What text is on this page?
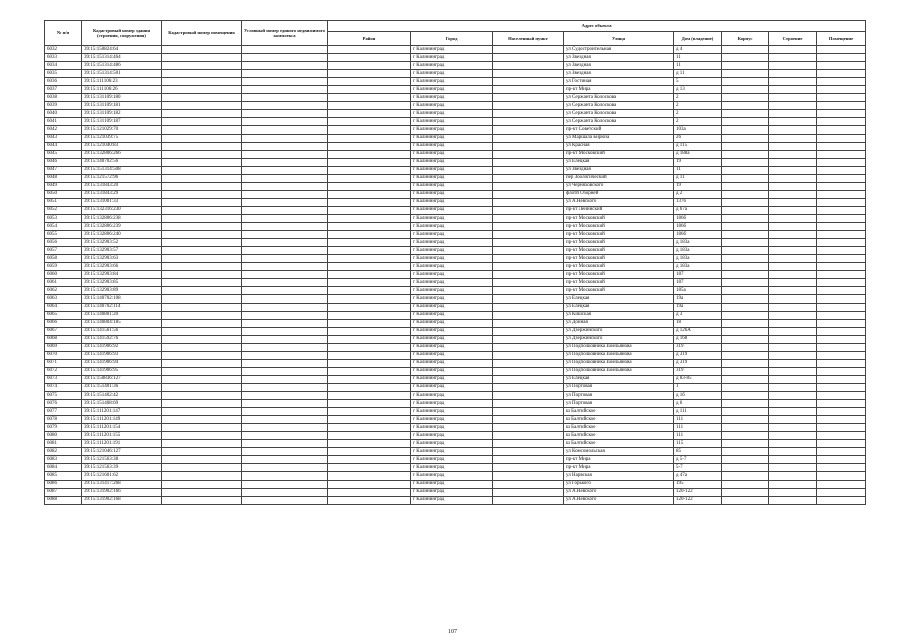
№ п/п	Кадастровый номер здания (строения, сооружения)	Кадастровый номер помещения	Условный номер единого недвижимого комплекса	Адрес объекта							
				Район	Город	Населенный пункт	Улица	Дом (владение)	Корпус	Строение	Помещение
6032	39:15:150824:64				г Калининград		ул Судостроительная	д 4			
6033	39:15:151314:464				г Калининград		ул Звездная	11			
6034	39:15:151314:486				г Калининград		ул Звездная	11			
6035	39:15:151314:501				г Калининград		ул Звездная	д 11			
6036	39:15:111106:23				г Калининград		ул Гостиная	5			
6037	39:15:111106:26				г Калининград		пр-кт Мира	д 13			
6038	39:15:131109:180				г Калининград		ул Сержанта Колоскова	2			
6039	39:15:131109:181				г Калининград		ул Сержанта Колоскова	2			
6040	39:15:131109:182				г Калининград		ул Сержанта Колоскова	2			
6041	39:15:131109:187				г Калининград		ул Сержанта Колоскова	2			
6042	39:15:121029:70				г Калининград		пр-кт Советский	103а			
6043	39:15:121039:75				г Калининград		ул Маршала Бирюза	26			
6044	39:15:121040:83				г Калининград		ул Красная	д 115			
6045	39:15:132806:266				г Калининград		пр-кт Московский	д 188а			
6046	39:15:140702:56				г Калининград		ул Елецкая	19			
6047	39:15:151314:508				г Калининград		ул Звездная	11			
6048	39:15:121572:96				г Калининград		пер Зоологический	д 11			
6049	39:15:131843:20				г Калининград		ул Черняховского	19			
6050	39:15:131843:29				г Калининград		флотй Озорнёй	д 2			
6051	39:15:131001:33				г Калининград		ул А.Невского	137б			
6052	39:15:132316:230				г Калининград		пр-кт Ленинский	д 67а			
6053	39:15:132806:238				г Калининград		пр-кт Московский	186б			
6054	39:15:132806:239				г Калининград		пр-кт Московский	186б			
6055	39:15:132806:240				г Калининград		пр-кт Московский	186б			
6056	39:15:132903:52				г Калининград		пр-кт Московский	д 183а			
6057	39:15:132903:57				г Калининград		пр-кт Московский	д 183а			
6058	39:15:132903:63				г Калининград		пр-кт Московский	д 183а			
6059	39:15:132903:66				г Калининград		пр-кт Московский	д 183а			
6060	39:15:132903:84				г Калининград		пр-кт Московский	187			
6061	39:15:132903:85				г Калининград		пр-кт Московский	187			
6062	39:15:132903:89				г Калининград		пр-кт Московский	185а			
6063	39:15:140702:108				г Калининград		ул Елецкая	19а			
6064	39:15:140702:114				г Калининград		ул Елецкая	19а			
6065	39:15:140801:20				г Калининград		ул Кишская	д 3			
6066	39:15:140804:185				г Калининград		ул Донная	18			
6067	39:15:141561:56				г Калининград		ул Дзержинского	д 126А			
6068	39:15:141592:76				г Калининград		ул Дзержинского	д 168			
6069	39:15:141906:92				г Калининград		ул Подполковника Емельянова	319			
6070	39:15:141906:93				г Калининград		ул Подполковника Емельянова	д 319			
6071	39:15:141906:94				г Калининград		ул Подполковника Емельянова	д 319			
6072	39:15:141906:95				г Калининград		ул Подполковника Емельянова	319			
6073	39:15:150836:127				г Калининград		ул Елецкая	д 83-85			
6074	39:15:151401:36				г Калининград		ул Портовая	1			
6075	39:15:151402:42				г Калининград		ул Портовая	д 1б			
6076	39:15:151408:69				г Калининград		ул Портовая	д 6			
6077	39:15:111201:147				г Калининград		ш Балтийское	д 111			
6078	39:15:111201:149				г Калининград		ш Балтийское	111			
6079	39:15:111201:154				г Калининград		ш Балтийское	111			
6080	39:15:111201:155				г Калининград		ш Балтийское	111			
6081	39:15:111201:191				г Калининград		ш Балтийское	115			
6082	39:15:121046:127				г Калининград		ул Комсомольская	85			
6083	39:15:121563:38				г Калининград		пр-кт Мира	д 5-7			
6084	39:15:121563:39				г Калининград		пр-кт Мира	5-7			
6085	39:15:121601:62				г Калининград		ул Нарвская	д 47а			
6086	39:15:131417:268				г Калининград		ул Горького	195			
6087	39:15:131902:166				г Калининград		ул А.Невского	120-122			
6088	39:15:131902:168				г Калининград		ул А.Невского	120-122			
107
